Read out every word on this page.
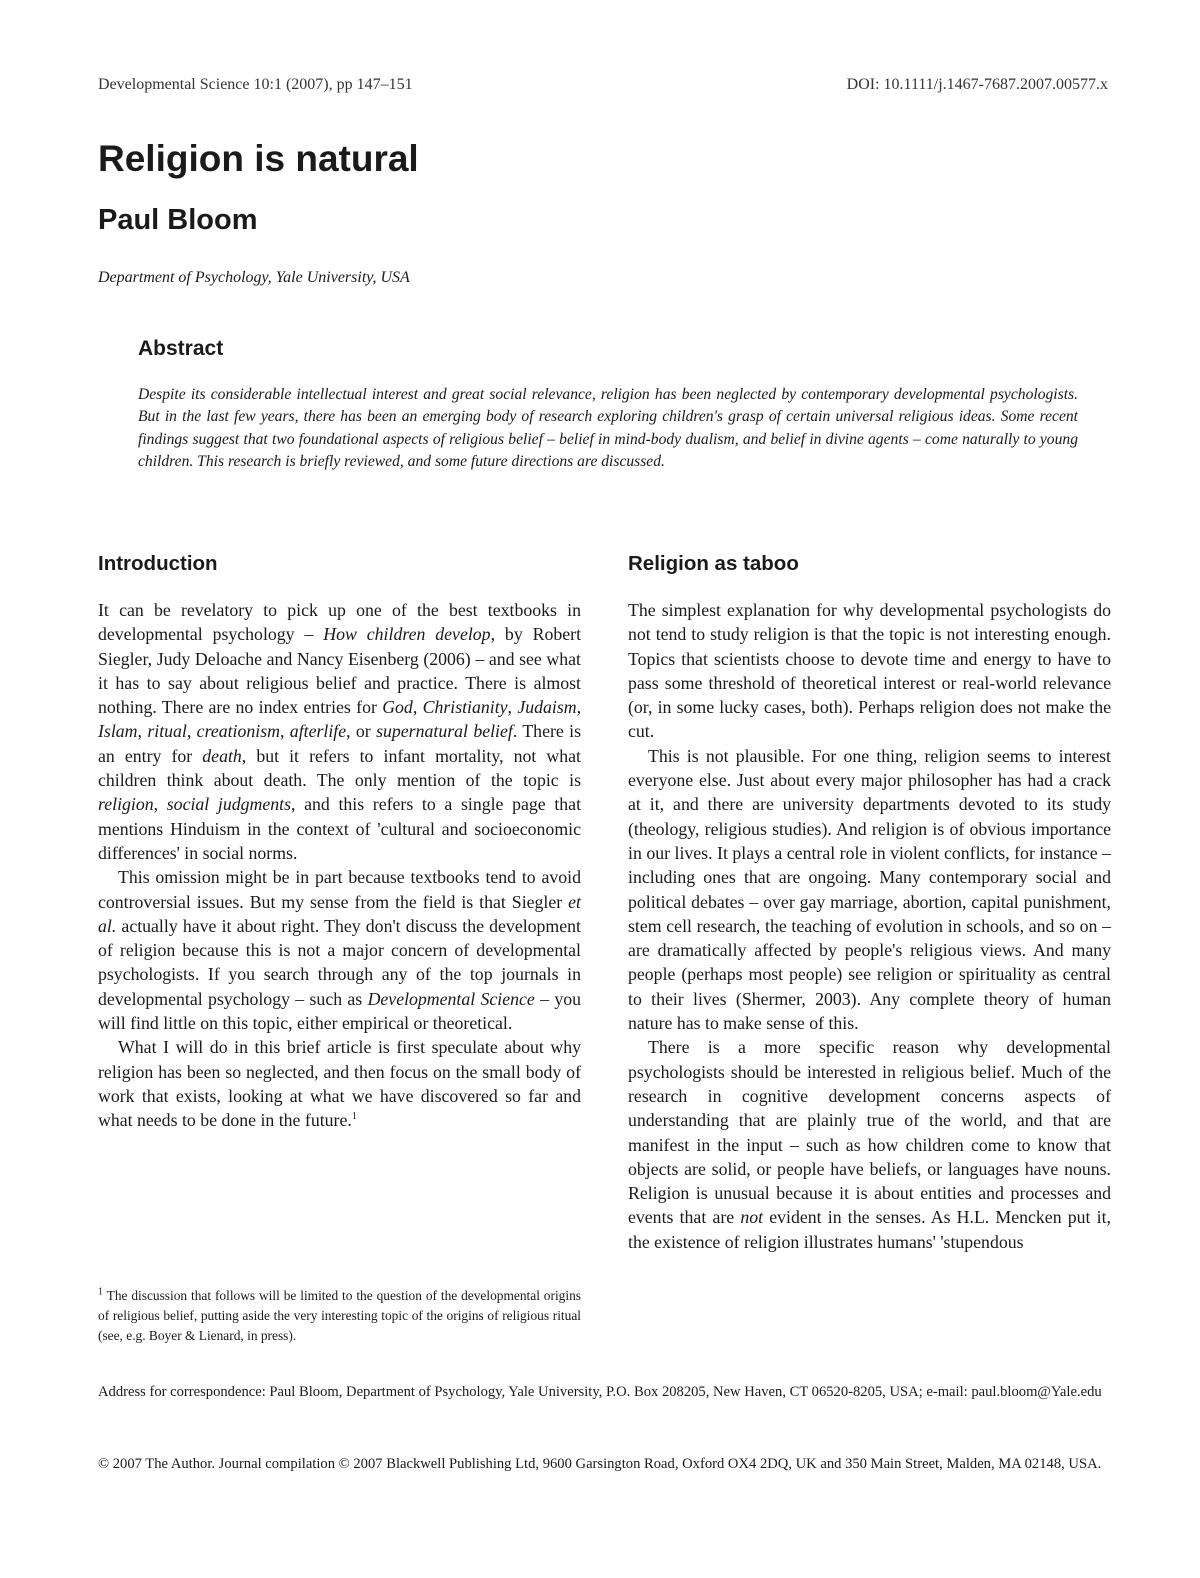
Developmental Science 10:1 (2007), pp 147–151	DOI: 10.1111/j.1467-7687.2007.00577.x
Religion is natural
Paul Bloom
Department of Psychology, Yale University, USA
Abstract

Despite its considerable intellectual interest and great social relevance, religion has been neglected by contemporary developmental psychologists. But in the last few years, there has been an emerging body of research exploring children's grasp of certain universal religious ideas. Some recent findings suggest that two foundational aspects of religious belief – belief in mind-body dualism, and belief in divine agents – come naturally to young children. This research is briefly reviewed, and some future directions are discussed.

Introduction

It can be revelatory to pick up one of the best textbooks in developmental psychology – How children develop, by Robert Siegler, Judy Deloache and Nancy Eisenberg (2006) – and see what it has to say about religious belief and practice. There is almost nothing. There are no index entries for God, Christianity, Judaism, Islam, ritual, creationism, afterlife, or supernatural belief. There is an entry for death, but it refers to infant mortality, not what children think about death. The only mention of the topic is religion, social judgments, and this refers to a single page that mentions Hinduism in the context of 'cultural and socioeconomic differences' in social norms.

This omission might be in part because textbooks tend to avoid controversial issues. But my sense from the field is that Siegler et al. actually have it about right. They don't discuss the development of religion because this is not a major concern of developmental psychologists. If you search through any of the top journals in developmental psychology – such as Developmental Science – you will find little on this topic, either empirical or theoretical.

What I will do in this brief article is first speculate about why religion has been so neglected, and then focus on the small body of work that exists, looking at what we have discovered so far and what needs to be done in the future.$^1$

$^1$ The discussion that follows will be limited to the question of the developmental origins of religious belief, putting aside the very interesting topic of the origins of religious ritual (see, e.g. Boyer & Lienard, in press).

Religion as taboo

The simplest explanation for why developmental psychologists do not tend to study religion is that the topic is not interesting enough. Topics that scientists choose to devote time and energy to have to pass some threshold of theoretical interest or real-world relevance (or, in some lucky cases, both). Perhaps religion does not make the cut.

This is not plausible. For one thing, religion seems to interest everyone else. Just about every major philosopher has had a crack at it, and there are university departments devoted to its study (theology, religious studies). And religion is of obvious importance in our lives. It plays a central role in violent conflicts, for instance – including ones that are ongoing. Many contemporary social and political debates – over gay marriage, abortion, capital punishment, stem cell research, the teaching of evolution in schools, and so on – are dramatically affected by people's religious views. And many people (perhaps most people) see religion or spirituality as central to their lives (Shermer, 2003). Any complete theory of human nature has to make sense of this.

There is a more specific reason why developmental psychologists should be interested in religious belief. Much of the research in cognitive development concerns aspects of understanding that are plainly true of the world, and that are manifest in the input – such as how children come to know that objects are solid, or people have beliefs, or languages have nouns. Religion is unusual because it is about entities and processes and events that are not evident in the senses. As H.L. Mencken put it, the existence of religion illustrates humans' 'stupendous

Address for correspondence: Paul Bloom, Department of Psychology, Yale University, P.O. Box 208205, New Haven, CT 06520-8205, USA; e-mail: paul.bloom@Yale.edu

© 2007 The Author. Journal compilation © 2007 Blackwell Publishing Ltd, 9600 Garsington Road, Oxford OX4 2DQ, UK and 350 Main Street, Malden, MA 02148, USA.
